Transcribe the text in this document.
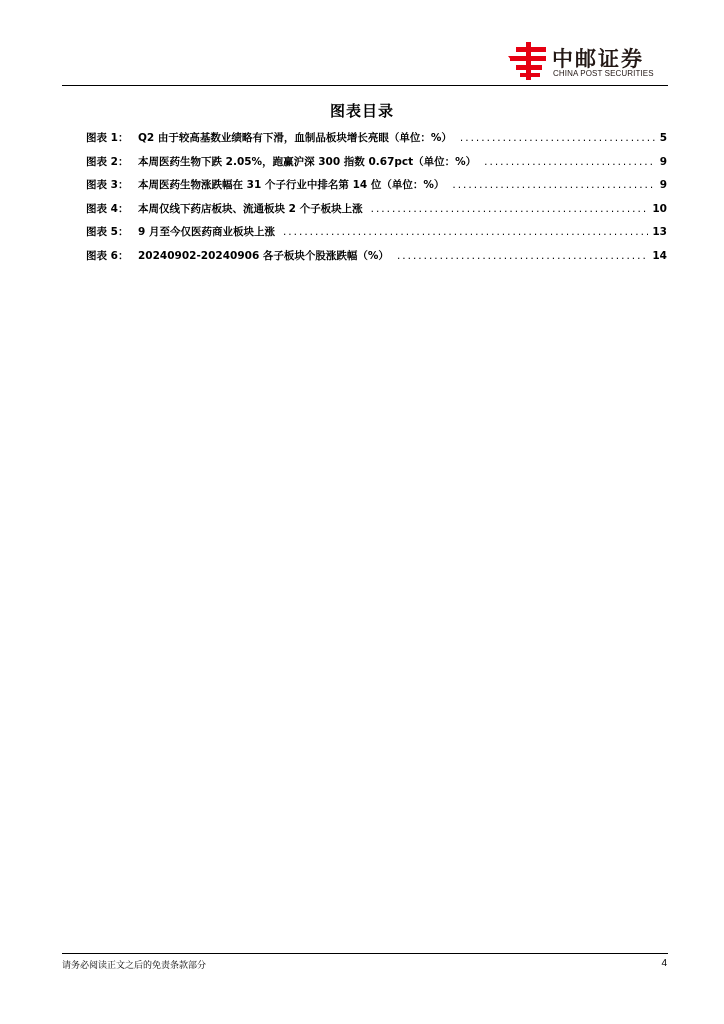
中邮证券
CHINA POST SECURITIES
图表目录
图表 1： Q2 由于较高基数业绩略有下滑，血制品板块增长亮眼（单位：%） .....	5
图表 2： 本周医药生物下跌 2.05%，跑赢沪深 300 指数 0.67pct（单位：%） .....	9
图表 3： 本周医药生物涨跌幅在 31 个子行业中排名第 14 位（单位：%） .....	9
图表 4： 本周仅线下药店板块、流通板块 2 个子板块上涨 .....	10
图表 5： 9 月至今仅医药商业板块上涨 .....	13
图表 6： 20240902-20240906 各子板块个股涨跌幅（%） .....	14
请务必阅读正文之后的免责条款部分	4
